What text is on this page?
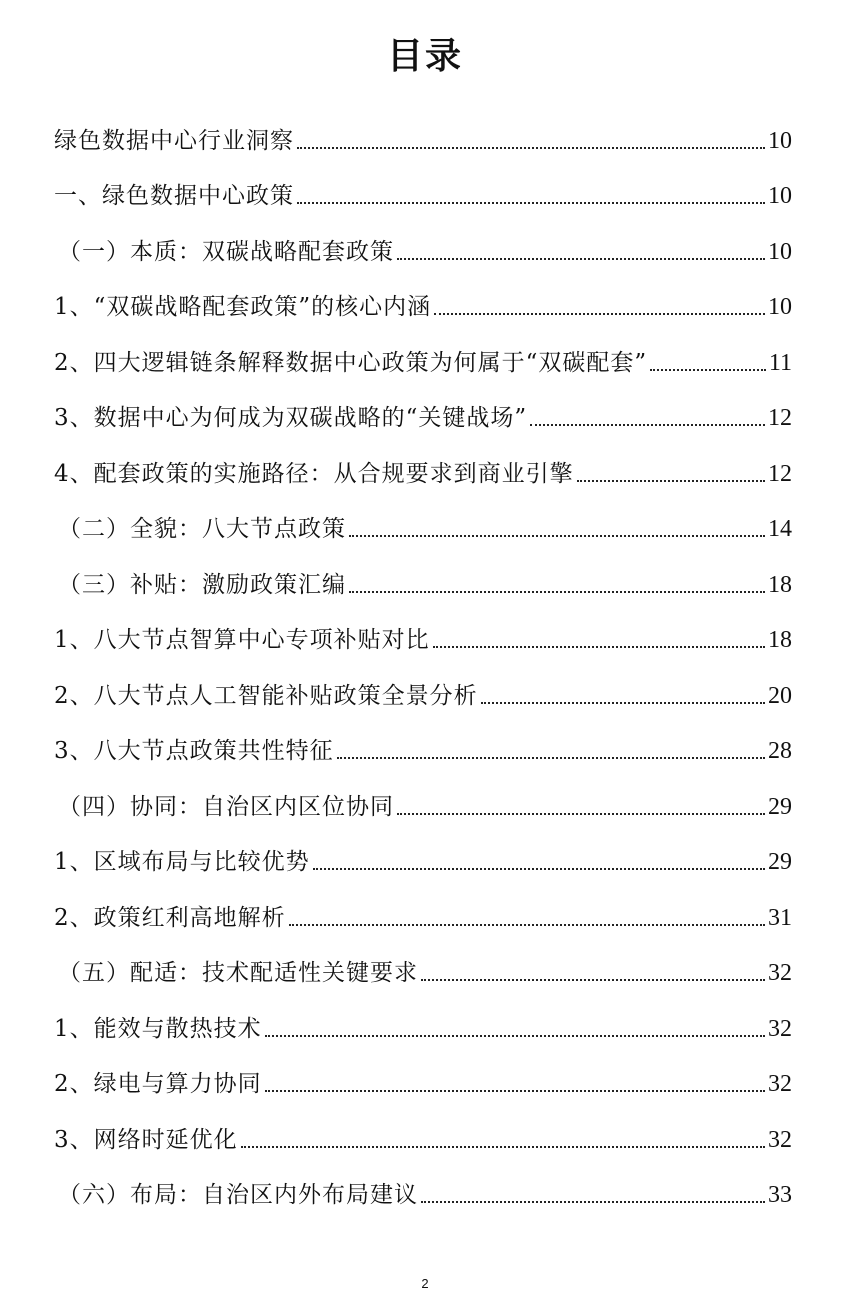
目录
绿色数据中心行业洞察	10
一、绿色数据中心政策	10
（一）本质：双碳战略配套政策	10
1、“双碳战略配套政策”的核心内涵	10
2、四大逻辑链条解释数据中心政策为何属于“双碳配套”	11
3、数据中心为何成为双碳战略的“关键战场”	12
4、配套政策的实施路径：从合规要求到商业引擎	12
（二）全貌：八大节点政策	14
（三）补贴：激励政策汇编	18
1、八大节点智算中心专项补贴对比	18
2、八大节点人工智能补贴政策全景分析	20
3、八大节点政策共性特征	28
（四）协同：自治区内区位协同	29
1、区域布局与比较优势	29
2、政策红利高地解析	31
（五）配适：技术配适性关键要求	32
1、能效与散热技术	32
2、绿电与算力协同	32
3、网络时延优化	32
（六）布局：自治区内外布局建议	33
2
